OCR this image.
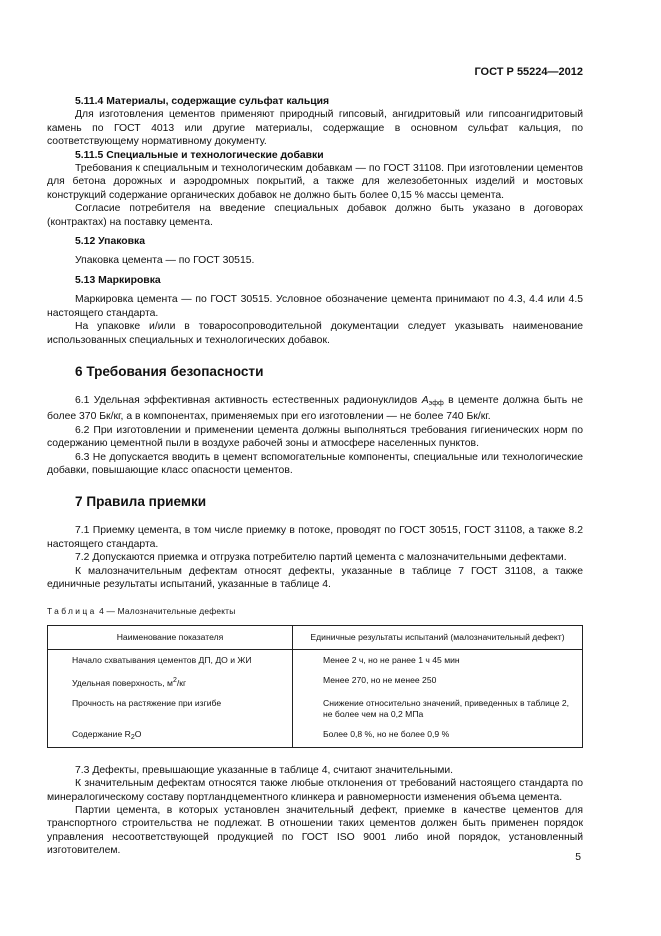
ГОСТ Р 55224—2012
5.11.4 Материалы, содержащие сульфат кальция

Для изготовления цементов применяют природный гипсовый, ангидритовый или гипсоангидритовый камень по ГОСТ 4013 или другие материалы, содержащие в основном сульфат кальция, по соответствующему нормативному документу.

5.11.5 Специальные и технологические добавки

Требования к специальным и технологическим добавкам — по ГОСТ 31108. При изготовлении цементов для бетона дорожных и аэродромных покрытий, а также для железобетонных изделий и мостовых конструкций содержание органических добавок не должно быть более 0,15 % массы цемента.

Согласие потребителя на введение специальных добавок должно быть указано в договорах (контрактах) на поставку цемента.

5.12 Упаковка

Упаковка цемента — по ГОСТ 30515.

5.13 Маркировка

Маркировка цемента — по ГОСТ 30515. Условное обозначение цемента принимают по 4.3, 4.4 или 4.5 настоящего стандарта.

На упаковке и/или в товаросопроводительной документации следует указывать наименование использованных специальных и технологических добавок.

6 Требования безопасности

6.1 Удельная эффективная активность естественных радионуклидов $A_{эфф}$ в цементе должна быть не более 370 Бк/кг, а в компонентах, применяемых при его изготовлении — не более 740 Бк/кг.

6.2 При изготовлении и применении цемента должны выполняться требования гигиенических норм по содержанию цементной пыли в воздухе рабочей зоны и атмосфере населенных пунктов.

6.3 Не допускается вводить в цемент вспомогательные компоненты, специальные или технологические добавки, повышающие класс опасности цементов.

7 Правила приемки

7.1 Приемку цемента, в том числе приемку в потоке, проводят по ГОСТ 30515, ГОСТ 31108, а также 8.2 настоящего стандарта.

7.2 Допускаются приемка и отгрузка потребителю партий цемента с малозначительными дефектами.

К малозначительным дефектам относят дефекты, указанные в таблице 7 ГОСТ 31108, а также единичные результаты испытаний, указанные в таблице 4.

Таблица 4 — Малозначительные дефекты
Наименование показателя	Единичные результаты испытаний (малозначительный дефект)
Начало схватывания цементов ДП, ДО и ЖИ	Менее 2 ч, но не ранее 1 ч 45 мин
Удельная поверхность, $м^2/кг$	Менее 270, но не менее 250
Прочность на растяжение при изгибе	Снижение относительно значений, приведенных в таблице 2, не более чем на 0,2 МПа
Содержание $R_2O$	Более 0,8 %, но не более 0,9 %

7.3 Дефекты, превышающие указанные в таблице 4, считают значительными.

К значительным дефектам относятся также любые отклонения от требований настоящего стандарта по минералогическому составу портландцементного клинкера и равномерности изменения объема цемента.

Партии цемента, в которых установлен значительный дефект, приемке в качестве цементов для транспортного строительства не подлежат. В отношении таких цементов должен быть применен порядок управления несоответствующей продукцией по ГОСТ ISO 9001 либо иной порядок, установленный изготовителем.

5
